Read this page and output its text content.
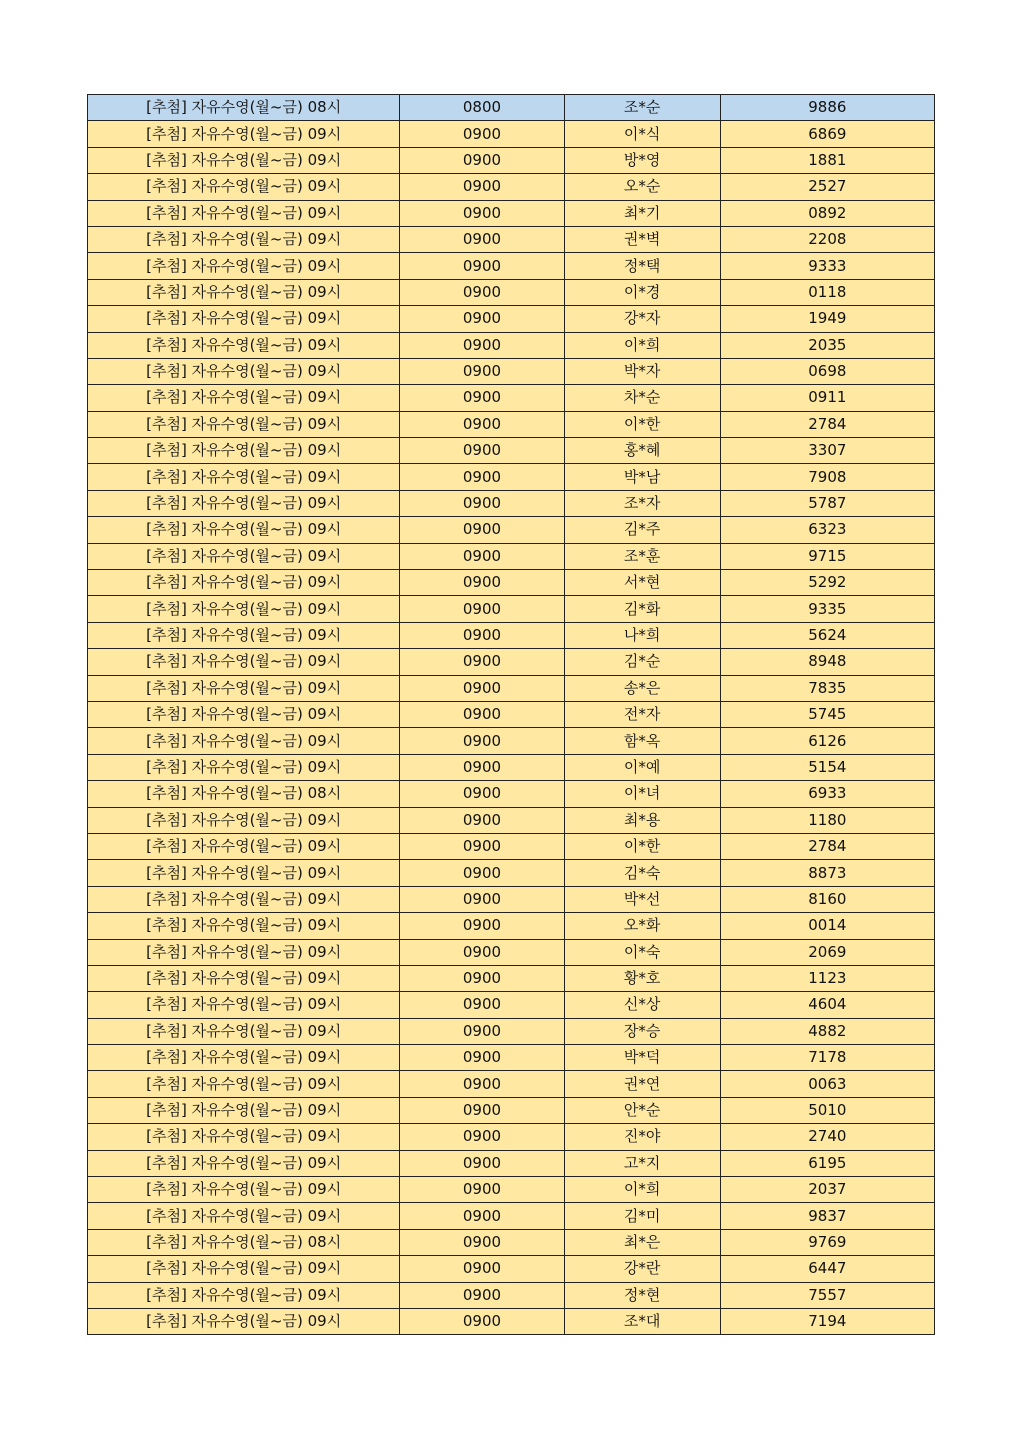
[추첨] 자유수영(월~금) 08시	0800	조*순	9886
[추첨] 자유수영(월~금) 09시	0900	이*식	6869
[추첨] 자유수영(월~금) 09시	0900	방*영	1881
[추첨] 자유수영(월~금) 09시	0900	오*순	2527
[추첨] 자유수영(월~금) 09시	0900	최*기	0892
[추첨] 자유수영(월~금) 09시	0900	권*벽	2208
[추첨] 자유수영(월~금) 09시	0900	정*택	9333
[추첨] 자유수영(월~금) 09시	0900	이*경	0118
[추첨] 자유수영(월~금) 09시	0900	강*자	1949
[추첨] 자유수영(월~금) 09시	0900	이*희	2035
[추첨] 자유수영(월~금) 09시	0900	박*자	0698
[추첨] 자유수영(월~금) 09시	0900	차*순	0911
[추첨] 자유수영(월~금) 09시	0900	이*한	2784
[추첨] 자유수영(월~금) 09시	0900	홍*혜	3307
[추첨] 자유수영(월~금) 09시	0900	박*남	7908
[추첨] 자유수영(월~금) 09시	0900	조*자	5787
[추첨] 자유수영(월~금) 09시	0900	김*주	6323
[추첨] 자유수영(월~금) 09시	0900	조*훈	9715
[추첨] 자유수영(월~금) 09시	0900	서*현	5292
[추첨] 자유수영(월~금) 09시	0900	김*화	9335
[추첨] 자유수영(월~금) 09시	0900	나*희	5624
[추첨] 자유수영(월~금) 09시	0900	김*순	8948
[추첨] 자유수영(월~금) 09시	0900	송*은	7835
[추첨] 자유수영(월~금) 09시	0900	전*자	5745
[추첨] 자유수영(월~금) 09시	0900	함*옥	6126
[추첨] 자유수영(월~금) 09시	0900	이*예	5154
[추첨] 자유수영(월~금) 08시	0900	이*녀	6933
[추첨] 자유수영(월~금) 09시	0900	최*용	1180
[추첨] 자유수영(월~금) 09시	0900	이*한	2784
[추첨] 자유수영(월~금) 09시	0900	김*숙	8873
[추첨] 자유수영(월~금) 09시	0900	박*선	8160
[추첨] 자유수영(월~금) 09시	0900	오*화	0014
[추첨] 자유수영(월~금) 09시	0900	이*숙	2069
[추첨] 자유수영(월~금) 09시	0900	황*호	1123
[추첨] 자유수영(월~금) 09시	0900	신*상	4604
[추첨] 자유수영(월~금) 09시	0900	장*승	4882
[추첨] 자유수영(월~금) 09시	0900	박*덕	7178
[추첨] 자유수영(월~금) 09시	0900	권*연	0063
[추첨] 자유수영(월~금) 09시	0900	안*순	5010
[추첨] 자유수영(월~금) 09시	0900	진*야	2740
[추첨] 자유수영(월~금) 09시	0900	고*지	6195
[추첨] 자유수영(월~금) 09시	0900	이*희	2037
[추첨] 자유수영(월~금) 09시	0900	김*미	9837
[추첨] 자유수영(월~금) 08시	0900	최*은	9769
[추첨] 자유수영(월~금) 09시	0900	강*란	6447
[추첨] 자유수영(월~금) 09시	0900	정*현	7557
[추첨] 자유수영(월~금) 09시	0900	조*대	7194
